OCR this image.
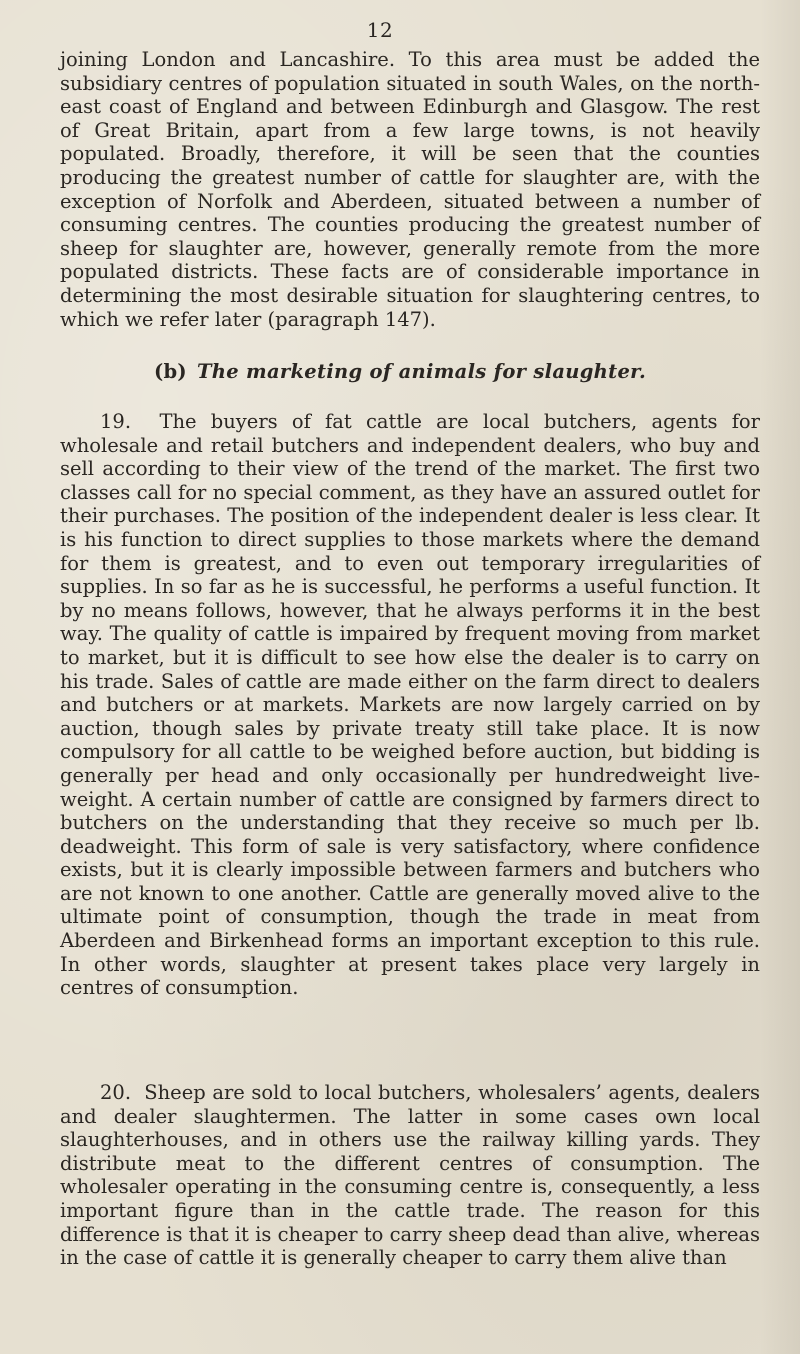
12

joining London and Lancashire. To this area must be added the subsidiary centres of population situated in south Wales, on the north-east coast of England and between Edinburgh and Glasgow. The rest of Great Britain, apart from a few large towns, is not heavily populated. Broadly, therefore, it will be seen that the counties producing the greatest number of cattle for slaughter are, with the exception of Norfolk and Aberdeen, situated between a number of consuming centres. The counties producing the greatest number of sheep for slaughter are, however, generally remote from the more populated districts. These facts are of considerable importance in determining the most desirable situation for slaughtering centres, to which we refer later (paragraph 147).

(b) The marketing of animals for slaughter.

19. The buyers of fat cattle are local butchers, agents for wholesale and retail butchers and independent dealers, who buy and sell according to their view of the trend of the market. The first two classes call for no special comment, as they have an assured outlet for their purchases. The position of the independent dealer is less clear. It is his function to direct supplies to those markets where the demand for them is greatest, and to even out temporary irregularities of supplies. In so far as he is successful, he performs a useful function. It by no means follows, however, that he always performs it in the best way. The quality of cattle is impaired by frequent moving from market to market, but it is difficult to see how else the dealer is to carry on his trade. Sales of cattle are made either on the farm direct to dealers and butchers or at markets. Markets are now largely carried on by auction, though sales by private treaty still take place. It is now compulsory for all cattle to be weighed before auction, but bidding is generally per head and only occasionally per hundredweight live-weight. A certain number of cattle are consigned by farmers direct to butchers on the understanding that they receive so much per lb. deadweight. This form of sale is very satisfactory, where confidence exists, but it is clearly impossible between farmers and butchers who are not known to one another. Cattle are generally moved alive to the ultimate point of consumption, though the trade in meat from Aberdeen and Birkenhead forms an important exception to this rule. In other words, slaughter at present takes place very largely in centres of consumption.

20. Sheep are sold to local butchers, wholesalers’ agents, dealers and dealer slaughtermen. The latter in some cases own local slaughterhouses, and in others use the railway killing yards. They distribute meat to the different centres of consumption. The wholesaler operating in the consuming centre is, consequently, a less important figure than in the cattle trade. The reason for this difference is that it is cheaper to carry sheep dead than alive, whereas in the case of cattle it is generally cheaper to carry them alive than
